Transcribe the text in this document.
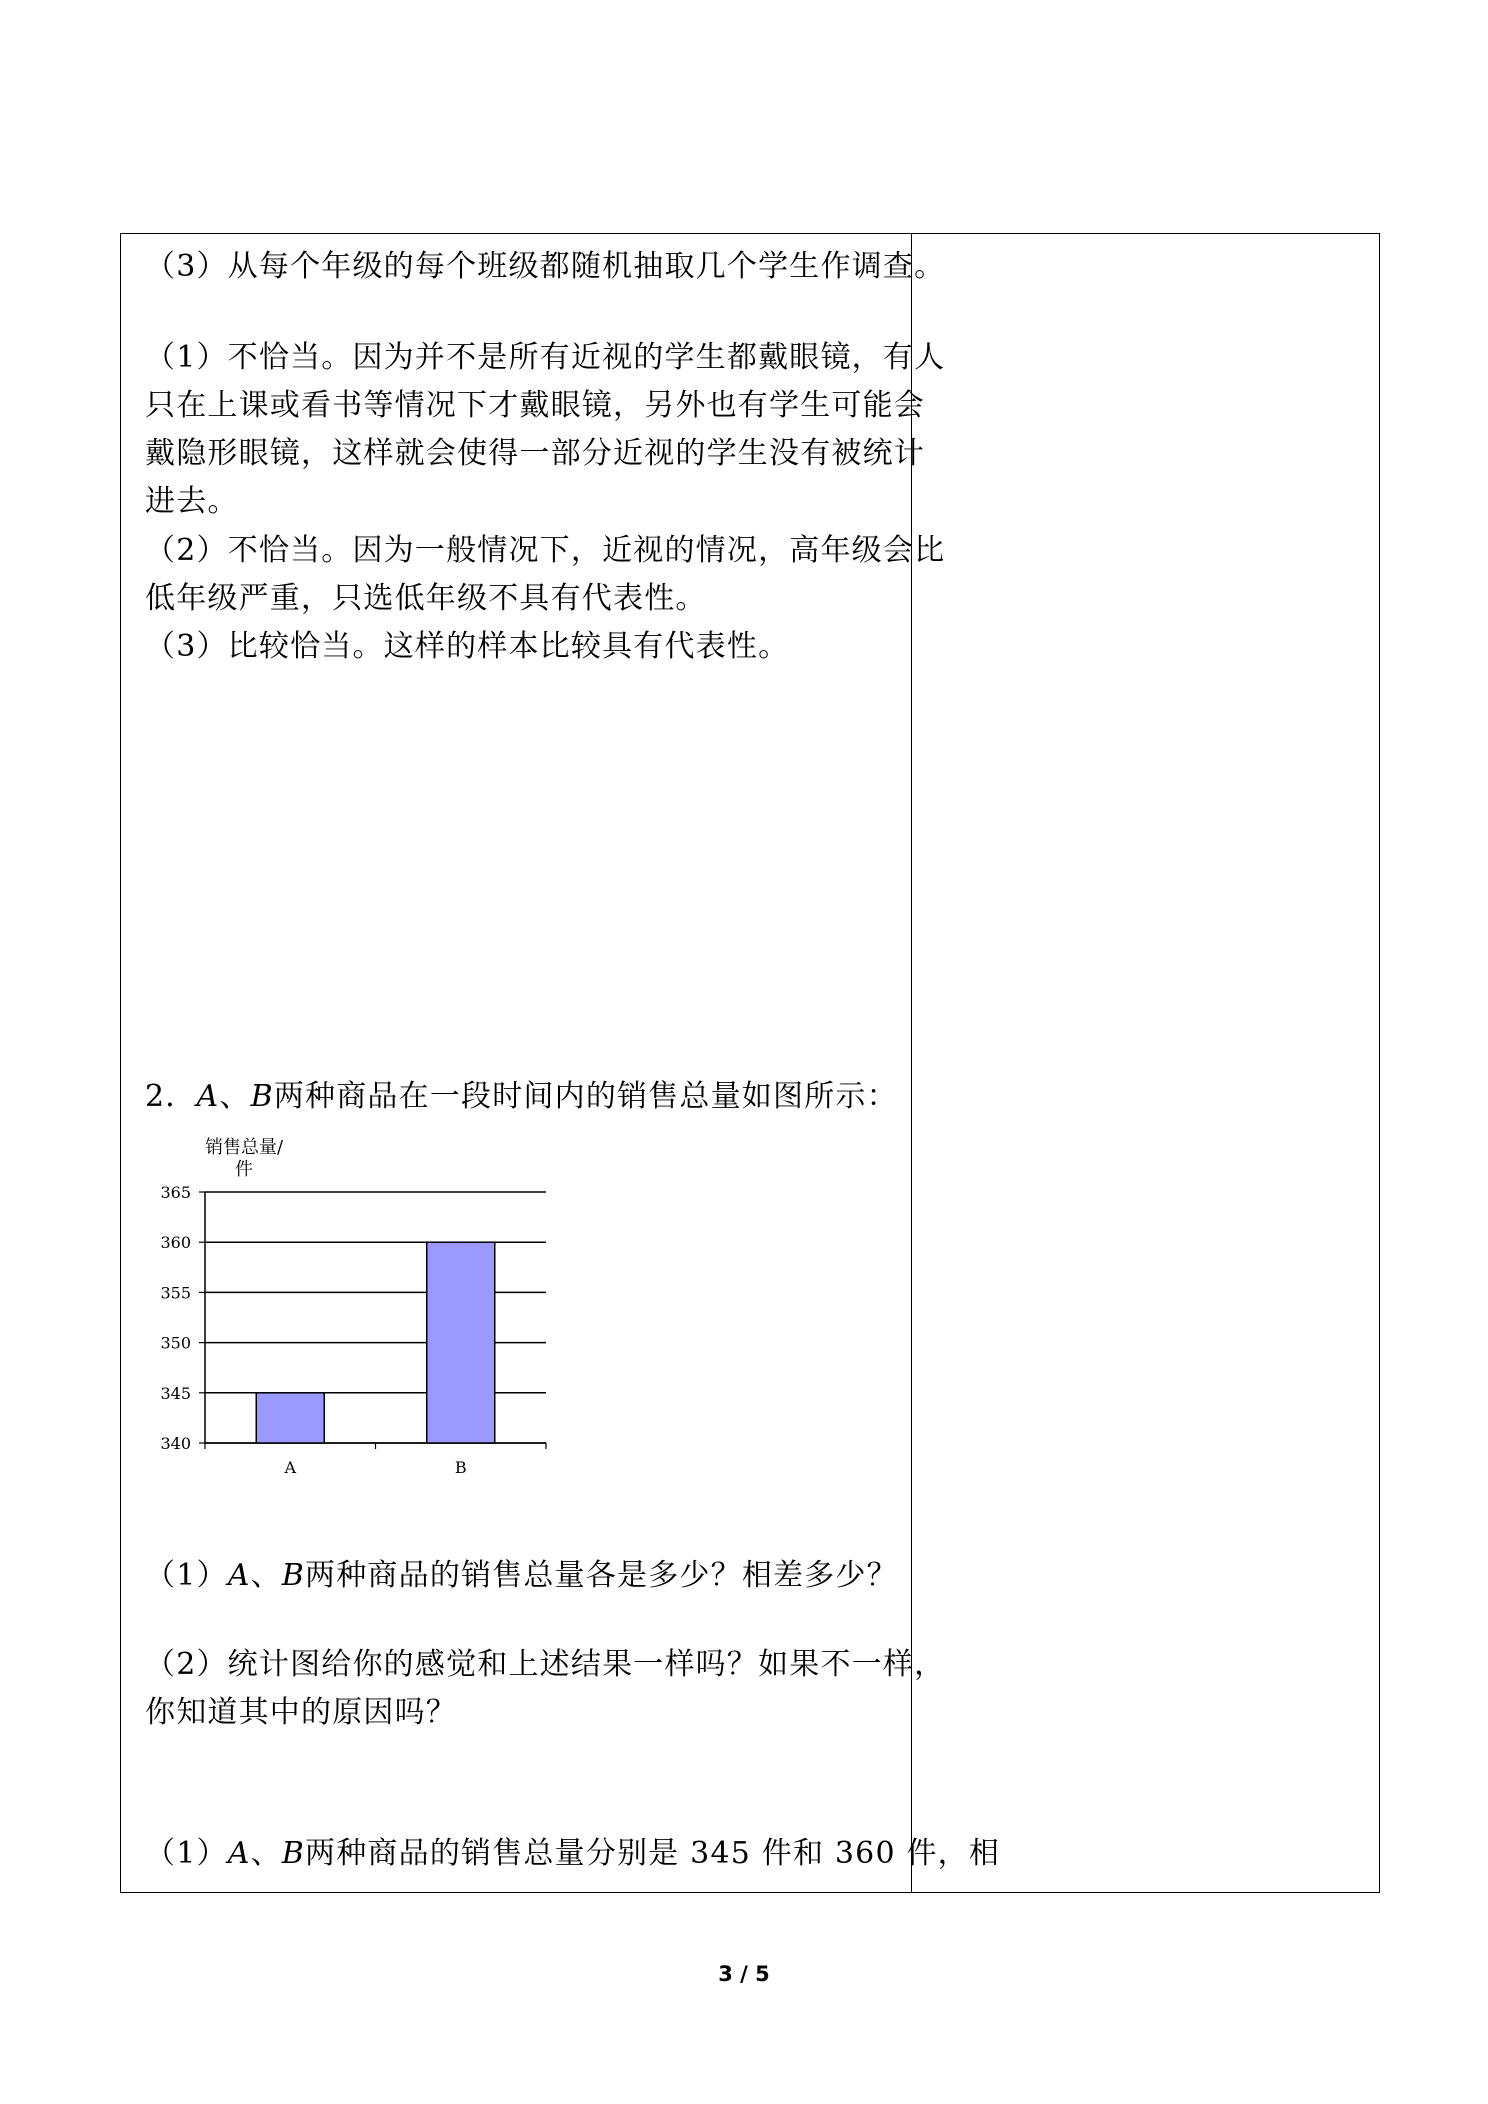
（3）从每个年级的每个班级都随机抽取几个学生作调查。
（1）不恰当。因为并不是所有近视的学生都戴眼镜，有人
只在上课或看书等情况下才戴眼镜，另外也有学生可能会
戴隐形眼镜，这样就会使得一部分近视的学生没有被统计
进去。
（2）不恰当。因为一般情况下，近视的情况，高年级会比
低年级严重，只选低年级不具有代表性。
（3）比较恰当。这样的样本比较具有代表性。
2．A、B两种商品在一段时间内的销售总量如图所示：
（1）A、B两种商品的销售总量各是多少？相差多少？
（2）统计图给你的感觉和上述结果一样吗？如果不一样，
你知道其中的原因吗？
（1）A、B两种商品的销售总量分别是 345 件和 360 件，相
销售总量/
件
340
345
350
355
360
365
A	B
3 / 5
